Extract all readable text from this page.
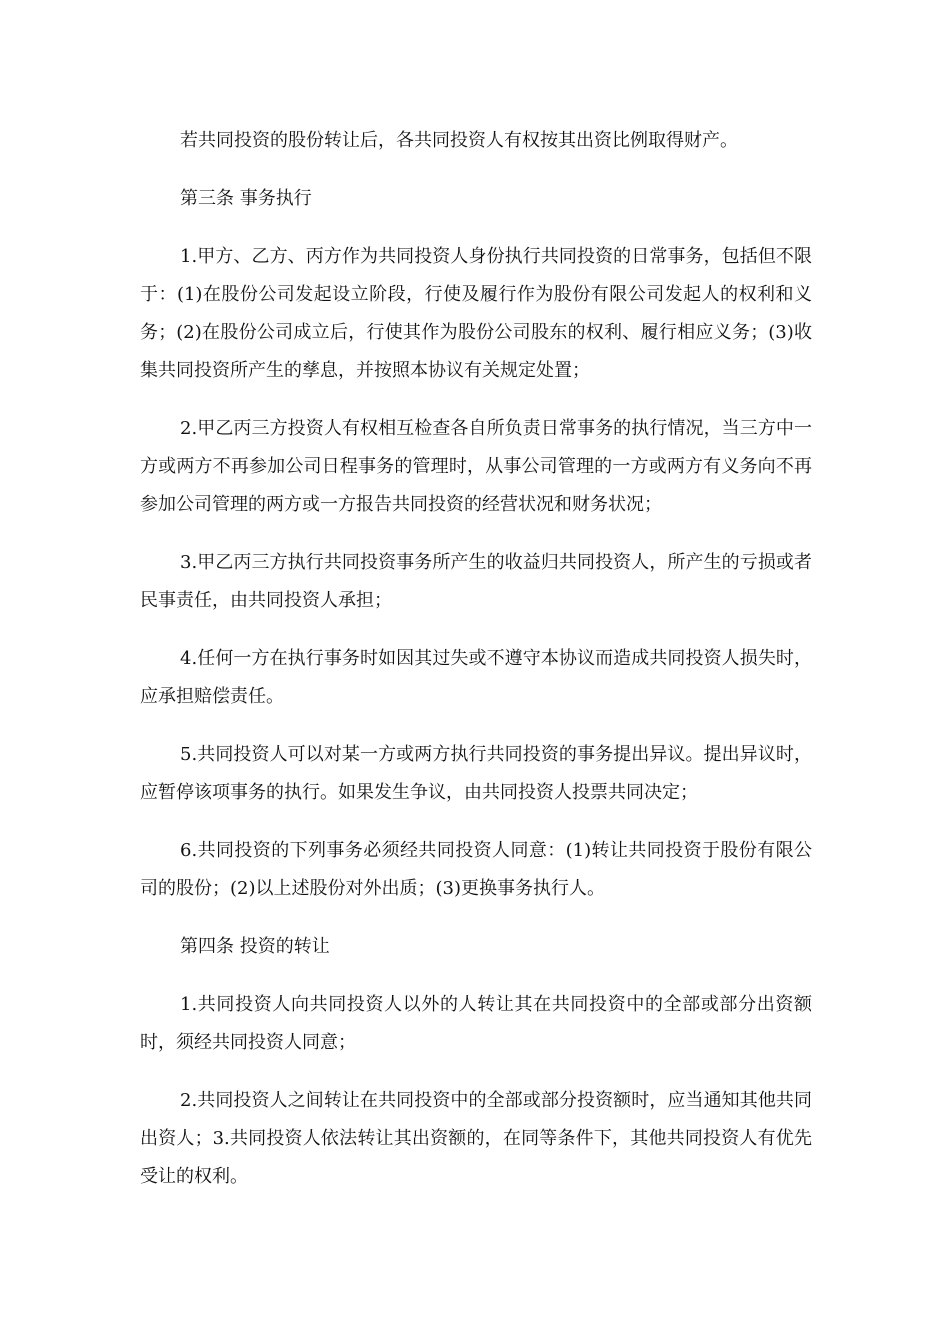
若共同投资的股份转让后，各共同投资人有权按其出资比例取得财产。

第三条 事务执行

1.甲方、乙方、丙方作为共同投资人身份执行共同投资的日常事务，包括但不限于：(1)在股份公司发起设立阶段，行使及履行作为股份有限公司发起人的权利和义务；(2)在股份公司成立后，行使其作为股份公司股东的权利、履行相应义务；(3)收集共同投资所产生的孳息，并按照本协议有关规定处置；

2.甲乙丙三方投资人有权相互检查各自所负责日常事务的执行情况，当三方中一方或两方不再参加公司日程事务的管理时，从事公司管理的一方或两方有义务向不再参加公司管理的两方或一方报告共同投资的经营状况和财务状况；

3.甲乙丙三方执行共同投资事务所产生的收益归共同投资人，所产生的亏损或者民事责任，由共同投资人承担；

4.任何一方在执行事务时如因其过失或不遵守本协议而造成共同投资人损失时，应承担赔偿责任。

5.共同投资人可以对某一方或两方执行共同投资的事务提出异议。提出异议时，应暂停该项事务的执行。如果发生争议，由共同投资人投票共同决定；

6.共同投资的下列事务必须经共同投资人同意：(1)转让共同投资于股份有限公司的股份；(2)以上述股份对外出质；(3)更换事务执行人。

第四条 投资的转让

1.共同投资人向共同投资人以外的人转让其在共同投资中的全部或部分出资额时，须经共同投资人同意；

2.共同投资人之间转让在共同投资中的全部或部分投资额时，应当通知其他共同出资人；3.共同投资人依法转让其出资额的，在同等条件下，其他共同投资人有优先受让的权利。
